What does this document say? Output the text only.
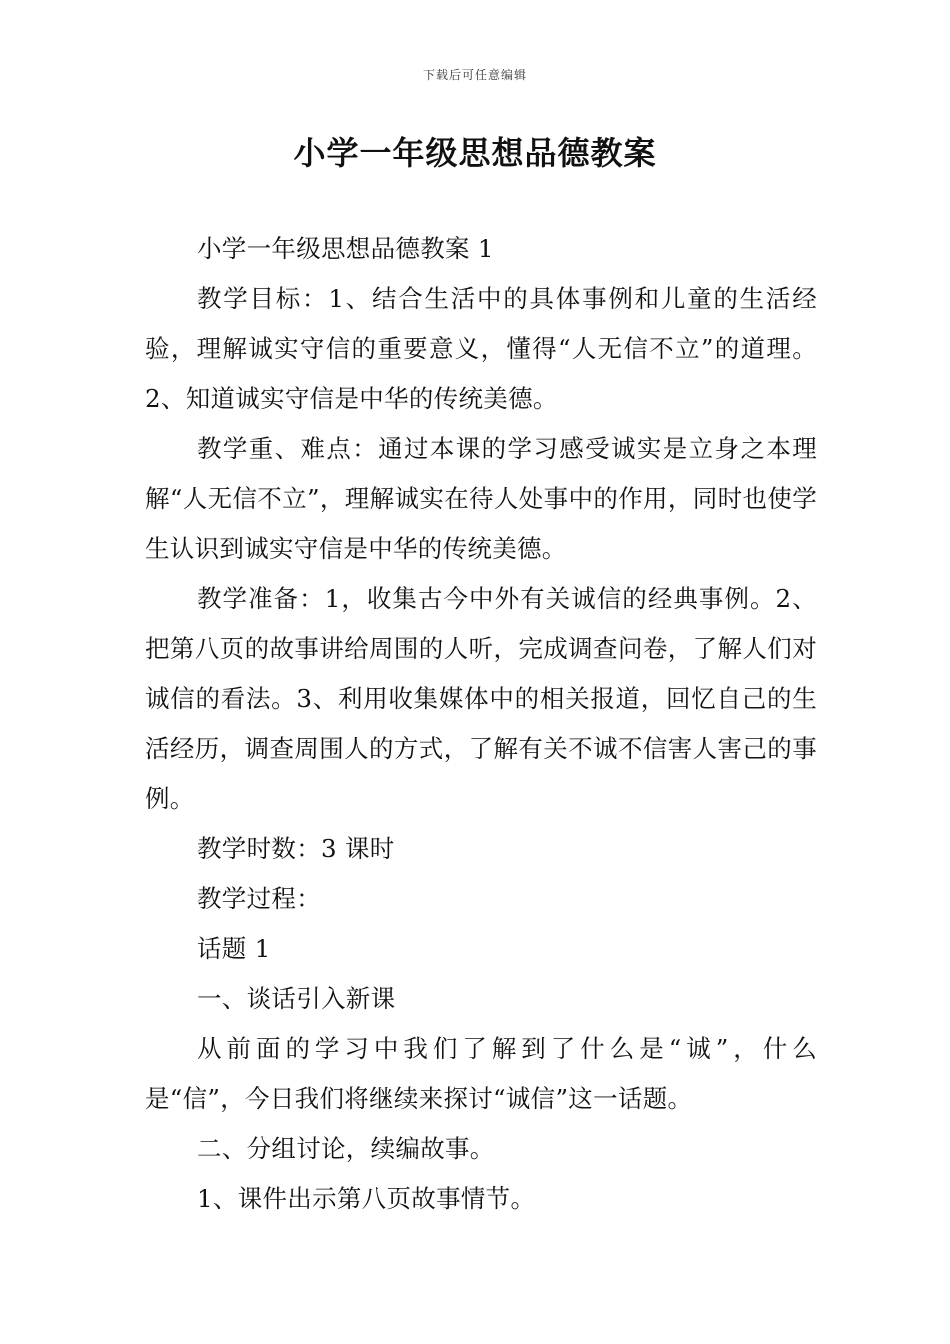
下载后可任意编辑
小学一年级思想品德教案

小学一年级思想品德教案 1

教学目标：1、结合生活中的具体事例和儿童的生活经验，理解诚实守信的重要意义，懂得“人无信不立”的道理。2、知道诚实守信是中华的传统美德。

教学重、难点：通过本课的学习感受诚实是立身之本理解“人无信不立”，理解诚实在待人处事中的作用，同时也使学生认识到诚实守信是中华的传统美德。

教学准备：1，收集古今中外有关诚信的经典事例。2、把第八页的故事讲给周围的人听，完成调查问卷，了解人们对诚信的看法。3、利用收集媒体中的相关报道，回忆自己的生活经历，调查周围人的方式，了解有关不诚不信害人害己的事例。

教学时数：3 课时

教学过程：

话题 1

一、谈话引入新课

从前面的学习中我们了解到了什么是“诚”，什么是“信”，今日我们将继续来探讨“诚信”这一话题。

二、分组讨论，续编故事。

1、课件出示第八页故事情节。
